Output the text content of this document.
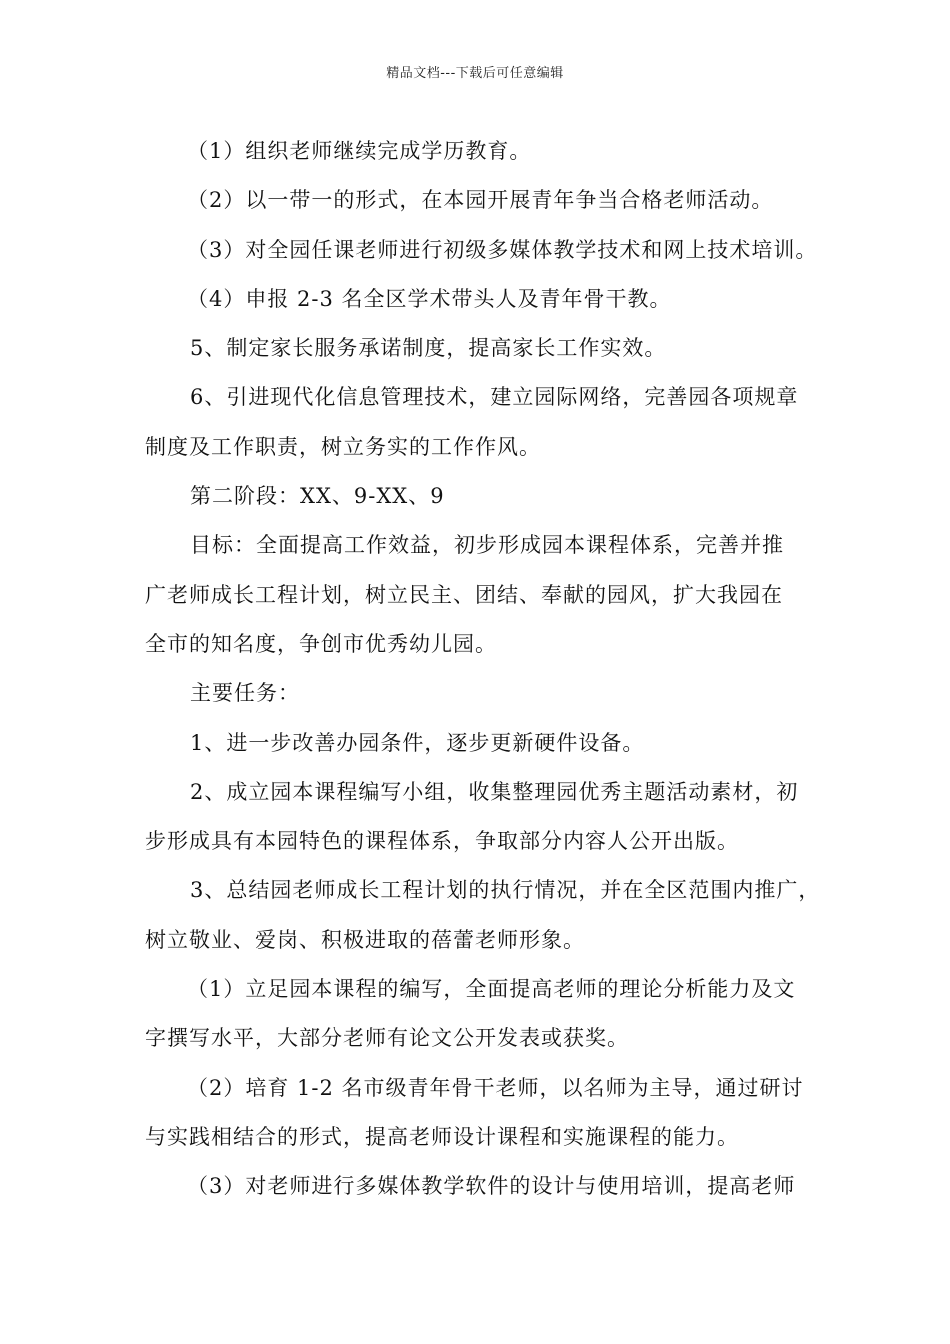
精品文档---下载后可任意编辑
（1）组织老师继续完成学历教育。
（2）以一带一的形式，在本园开展青年争当合格老师活动。
（3）对全园任课老师进行初级多媒体教学技术和网上技术培训。
（4）申报 2-3 名全区学术带头人及青年骨干教。
5、制定家长服务承诺制度，提高家长工作实效。
6、引进现代化信息管理技术，建立园际网络，完善园各项规章
制度及工作职责，树立务实的工作作风。
第二阶段：XX、9-XX、9
目标：全面提高工作效益，初步形成园本课程体系，完善并推
广老师成长工程计划，树立民主、团结、奉献的园风，扩大我园在
全市的知名度，争创市优秀幼儿园。
主要任务：
1、进一步改善办园条件，逐步更新硬件设备。
2、成立园本课程编写小组，收集整理园优秀主题活动素材，初
步形成具有本园特色的课程体系，争取部分内容人公开出版。
3、总结园老师成长工程计划的执行情况，并在全区范围内推广，
树立敬业、爱岗、积极进取的蓓蕾老师形象。
（1）立足园本课程的编写，全面提高老师的理论分析能力及文
字撰写水平，大部分老师有论文公开发表或获奖。
（2）培育 1-2 名市级青年骨干老师，以名师为主导，通过研讨
与实践相结合的形式，提高老师设计课程和实施课程的能力。
（3）对老师进行多媒体教学软件的设计与使用培训，提高老师
